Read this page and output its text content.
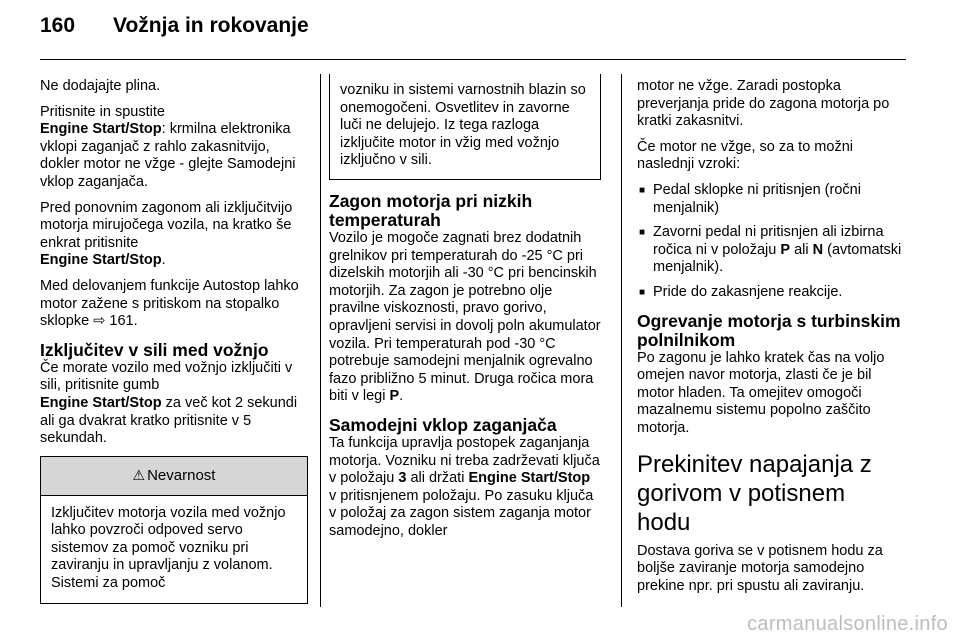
160 Vožnja in rokovanje

Ne dodajajte plina.

Pritisnite in spustite
Engine Start/Stop: krmilna elektronika vklopi zaganjač z rahlo zakasnitvijo, dokler motor ne vžge - glejte Samodejni vklop zaganjača.

Pred ponovnim zagonom ali izključitvijo motorja mirujočega vozila, na kratko še enkrat pritisnite
Engine Start/Stop.

Med delovanjem funkcije Autostop lahko motor zažene s pritiskom na stopalko sklopke ⇨ 161.

Izključitev v sili med vožnjo

Če morate vozilo med vožnjo izključiti v sili, pritisnite gumb
Engine Start/Stop za več kot 2 sekundi ali ga dvakrat kratko pritisnite v 5 sekundah.

⚠ Nevarnost
Izključitev motorja vozila med vožnjo lahko povzroči odpoved servo sistemov za pomoč vozniku pri zaviranju in upravljanju z volanom. Sistemi za pomoč
vozniku in sistemi varnostnih blazin so onemogočeni. Osvetlitev in zavorne luči ne delujejo. Iz tega razloga izključite motor in vžig med vožnjo izključno v sili.
Zagon motorja pri nizkih temperaturah

Vozilo je mogoče zagnati brez dodatnih grelnikov pri temperaturah do -25 °C pri dizelskih motorjih ali -30 °C pri bencinskih motorjih. Za zagon je potrebno olje pravilne viskoznosti, pravo gorivo, opravljeni servisi in dovolj poln akumulator vozila. Pri temperaturah pod -30 °C potrebuje samodejni menjalnik ogrevalno fazo približno 5 minut. Druga ročica mora biti v legi P.

Samodejni vklop zaganjača

Ta funkcija upravlja postopek zaganjanja motorja. Vozniku ni treba zadrževati ključa v položaju 3 ali držati Engine Start/Stop v pritisnjenem položaju. Po zasuku ključa v položaj za zagon sistem zaganja motor samodejno, dokler

motor ne vžge. Zaradi postopka preverjanja pride do zagona motorja po kratki zakasnitvi.

Če motor ne vžge, so za to možni naslednji vzroki:

■ Pedal sklopke ni pritisnjen (ročni menjalnik)
■ Zavorni pedal ni pritisnjen ali izbirna ročica ni v položaju P ali N (avtomatski menjalnik).
■ Pride do zakasnjene reakcije.
Ogrevanje motorja s turbinskim polnilnikom

Po zagonu je lahko kratek čas na voljo omejen navor motorja, zlasti če je bil motor hladen. Ta omejitev omogoči mazalnemu sistemu popolno zaščito motorja.

Prekinitev napajanja z gorivom v potisnem hodu

Dostava goriva se v potisnem hodu za boljše zaviranje motorja samodejno prekine npr. pri spustu ali zaviranju.

carmanualsonline.info
